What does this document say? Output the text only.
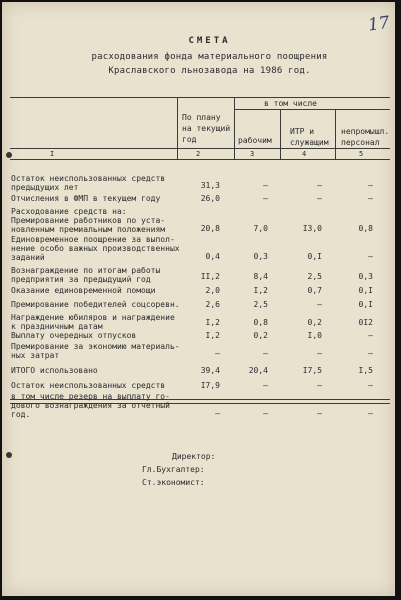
17
СМЕТА
расходования фонда материального поощрения
Краславского льнозавода на 1986 год.
По плану
на текущий
год
в том числе
рабочим
ИТР и
служащим
непромышл.
персонал
I	2	3	4	5
Остаток неиспользованных средств
предыдущих лет	31,3	–	–	–
Отчисления в ФМП в текущем году	26,0	–	–	–
Расходование средств на:
Премирование работников по уста-
новленным премиальным положениям	20,8	7,0	I3,0	0,8
Единовременное поощрение за выпол-
нение особо важных производственных
заданий	0,4	0,3	0,I	–
Вознаграждение по итогам работы
предприятия за предыдущий год	II,2	8,4	2,5	0,3
Оказание единовременной помощи	2,0	I,2	0,7	0,I
Премирование победителей соцсоревн.	2,6	2,5	–	0,I
Награждение юбиляров и награждение
к праздничным датам	I,2	0,8	0,2	0I2
Выплату очередных отпусков	I,2	0,2	I,0	–
Премирование за экономию материаль-
ных затрат	–	–	–	–
ИТОГО использовано	39,4	20,4	I7,5	I,5
Остаток неиспользованных средств	I7,9	–	–	–
в том числе резерв на выплату го-
дового вознаграждения за отчетный
год.	–	–	–	–
Директор:
Гл.Бухгалтер:
Ст.экономист:
